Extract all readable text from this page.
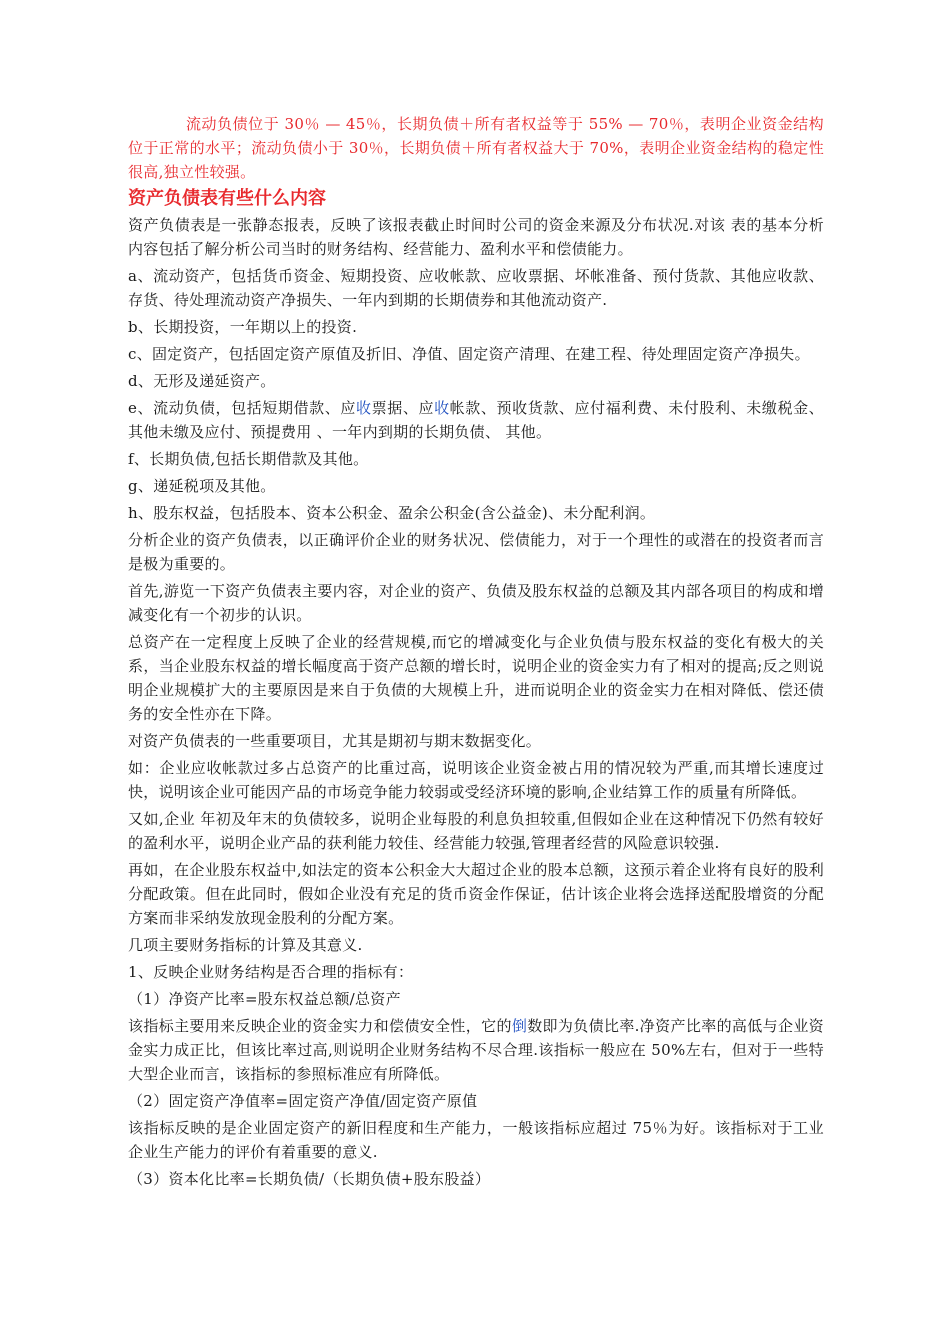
流动负债位于 30％ — 45％，长期负债＋所有者权益等于 55% — 70％，表明企业资金结构位于正常的水平；流动负债小于 30％，长期负债＋所有者权益大于 70%，表明企业资金结构的稳定性很高,独立性较强。

资产负债表有些什么内容

资产负债表是一张静态报表，反映了该报表截止时间时公司的资金来源及分布状况.对该 表的基本分析内容包括了解分析公司当时的财务结构、经营能力、盈利水平和偿债能力。

a、流动资产，包括货币资金、短期投资、应收帐款、应收票据、坏帐准备、预付货款、其他应收款、存货、待处理流动资产净损失、一年内到期的长期债券和其他流动资产.

b、长期投资，一年期以上的投资.

c、固定资产，包括固定资产原值及折旧、净值、固定资产清理、在建工程、待处理固定资产净损失。

d、无形及递延资产。

e、流动负债，包括短期借款、应收票据、应收帐款、预收货款、应付福利费、未付股利、未缴税金、其他未缴及应付、预提费用 、一年内到期的长期负债、 其他。

f、长期负债,包括长期借款及其他。

g、递延税项及其他。

h、股东权益，包括股本、资本公积金、盈余公积金(含公益金)、未分配利润。

分析企业的资产负债表，以正确评价企业的财务状况、偿债能力，对于一个理性的或潜在的投资者而言是极为重要的。

首先,游览一下资产负债表主要内容，对企业的资产、负债及股东权益的总额及其内部各项目的构成和增减变化有一个初步的认识。

总资产在一定程度上反映了企业的经营规模,而它的增减变化与企业负债与股东权益的变化有极大的关系，当企业股东权益的增长幅度高于资产总额的增长时，说明企业的资金实力有了相对的提高;反之则说明企业规模扩大的主要原因是来自于负债的大规模上升，进而说明企业的资金实力在相对降低、偿还债务的安全性亦在下降。

对资产负债表的一些重要项目，尤其是期初与期末数据变化。

如：企业应收帐款过多占总资产的比重过高，说明该企业资金被占用的情况较为严重,而其增长速度过快，说明该企业可能因产品的市场竞争能力较弱或受经济环境的影响,企业结算工作的质量有所降低。

又如,企业 年初及年末的负债较多，说明企业每股的利息负担较重,但假如企业在这种情况下仍然有较好的盈利水平，说明企业产品的获利能力较佳、经营能力较强,管理者经营的风险意识较强.

再如，在企业股东权益中,如法定的资本公积金大大超过企业的股本总额，这预示着企业将有良好的股利分配政策。但在此同时，假如企业没有充足的货币资金作保证，估计该企业将会选择送配股增资的分配方案而非采纳发放现金股利的分配方案。

几项主要财务指标的计算及其意义.

1、反映企业财务结构是否合理的指标有：

（1）净资产比率=股东权益总额/总资产

该指标主要用来反映企业的资金实力和偿债安全性，它的倒数即为负债比率.净资产比率的高低与企业资金实力成正比，但该比率过高,则说明企业财务结构不尽合理.该指标一般应在 50%左右，但对于一些特大型企业而言，该指标的参照标准应有所降低。

（2）固定资产净值率=固定资产净值/固定资产原值

该指标反映的是企业固定资产的新旧程度和生产能力，一般该指标应超过 75％为好。该指标对于工业企业生产能力的评价有着重要的意义.

（3）资本化比率=长期负债/（长期负债+股东股益）
